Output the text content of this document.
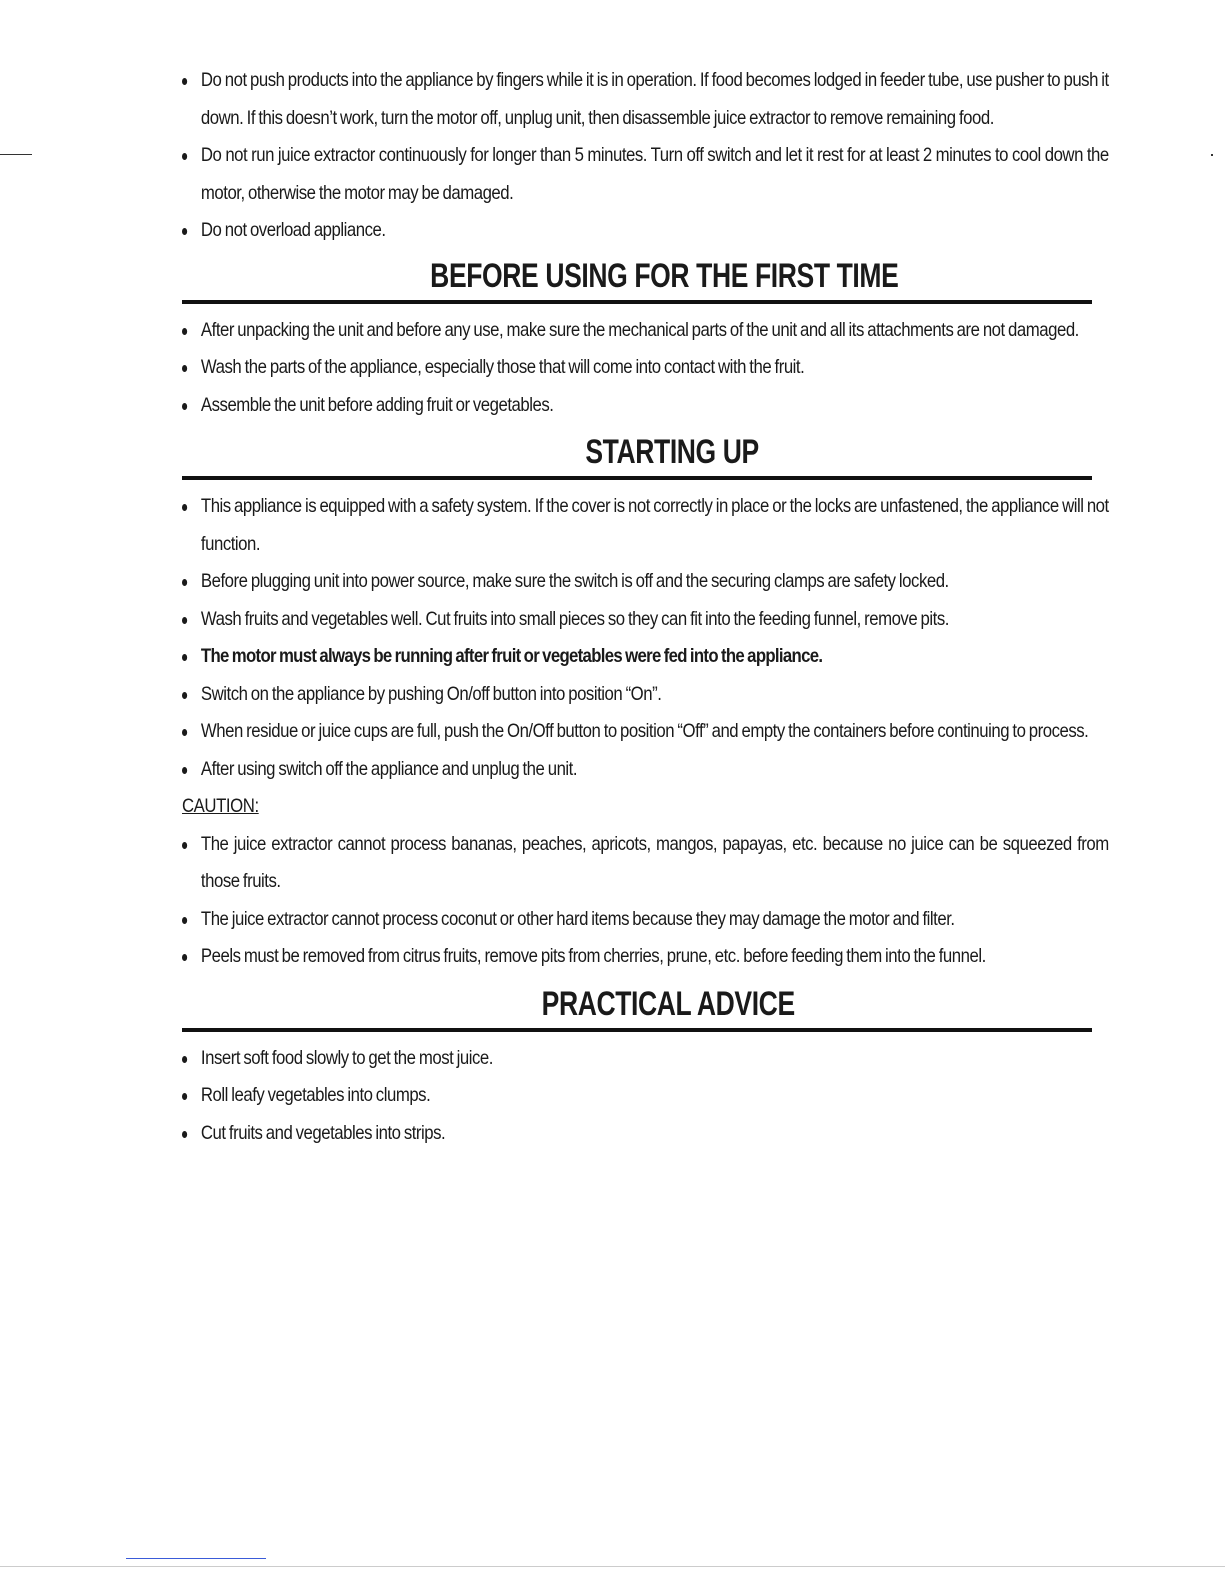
Do not push products into the appliance by fingers while it is in operation. If food becomes lodged in feeder tube, use pusher to push it down. If this doesn’t work, turn the motor off, unplug unit, then disassemble juice extractor to remove remaining food.
Do not run juice extractor continuously for longer than 5 minutes. Turn off switch and let it rest for at least 2 minutes to cool down the motor, otherwise the motor may be damaged.
Do not overload appliance.
BEFORE USING FOR THE FIRST TIME
After unpacking the unit and before any use, make sure the mechanical parts of the unit and all its attachments are not damaged.
Wash the parts of the appliance, especially those that will come into contact with the fruit.
Assemble the unit before adding fruit or vegetables.
STARTING UP
This appliance is equipped with a safety system. If the cover is not correctly in place or the locks are unfastened, the appliance will not function.
Before plugging unit into power source, make sure the switch is off and the securing clamps are safety locked.
Wash fruits and vegetables well. Cut fruits into small pieces so they can fit into the feeding funnel, remove pits.
The motor must always be running after fruit or vegetables were fed into the appliance.
Switch on the appliance by pushing On/off button into position “On”.
When residue or juice cups are full, push the On/Off button to position “Off” and empty the containers before continuing to process.
After using switch off the appliance and unplug the unit.
CAUTION:
The juice extractor cannot process bananas, peaches, apricots, mangos, papayas, etc. because no juice can be squeezed from those fruits.
The juice extractor cannot process coconut or other hard items because they may damage the motor and filter.
Peels must be removed from citrus fruits, remove pits from cherries, prune, etc. before feeding them into the funnel.
PRACTICAL ADVICE
Insert soft food slowly to get the most juice.
Roll leafy vegetables into clumps.
Cut fruits and vegetables into strips.
